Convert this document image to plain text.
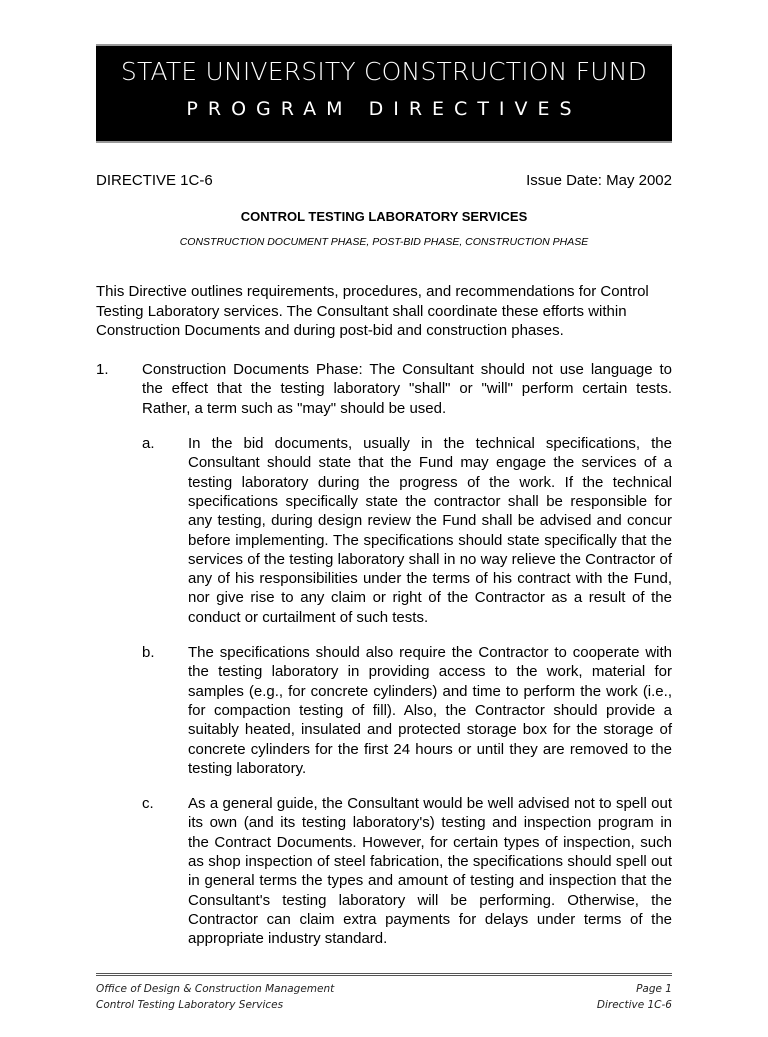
STATE UNIVERSITY CONSTRUCTION FUND
PROGRAM DIRECTIVES
DIRECTIVE 1C-6	Issue Date: May 2002
CONTROL TESTING LABORATORY SERVICES
CONSTRUCTION DOCUMENT PHASE, POST-BID PHASE, CONSTRUCTION PHASE
This Directive outlines requirements, procedures, and recommendations for Control Testing Laboratory services. The Consultant shall coordinate these efforts within Construction Documents and during post-bid and construction phases.
1.	Construction Documents Phase: The Consultant should not use language to the effect that the testing laboratory "shall" or "will" perform certain tests. Rather, a term such as "may" should be used.
a.	In the bid documents, usually in the technical specifications, the Consultant should state that the Fund may engage the services of a testing laboratory during the progress of the work. If the technical specifications specifically state the contractor shall be responsible for any testing, during design review the Fund shall be advised and concur before implementing. The specifications should state specifically that the services of the testing laboratory shall in no way relieve the Contractor of any of his responsibilities under the terms of his contract with the Fund, nor give rise to any claim or right of the Contractor as a result of the conduct or curtailment of such tests.
b.	The specifications should also require the Contractor to cooperate with the testing laboratory in providing access to the work, material for samples (e.g., for concrete cylinders) and time to perform the work (i.e., for compaction testing of fill). Also, the Contractor should provide a suitably heated, insulated and protected storage box for the storage of concrete cylinders for the first 24 hours or until they are removed to the testing laboratory.
c.	As a general guide, the Consultant would be well advised not to spell out its own (and its testing laboratory's) testing and inspection program in the Contract Documents. However, for certain types of inspection, such as shop inspection of steel fabrication, the specifications should spell out in general terms the types and amount of testing and inspection that the Consultant's testing laboratory will be performing. Otherwise, the Contractor can claim extra payments for delays under terms of the appropriate industry standard.
Office of Design & Construction Management
Control Testing Laboratory Services
Page 1
Directive 1C-6
